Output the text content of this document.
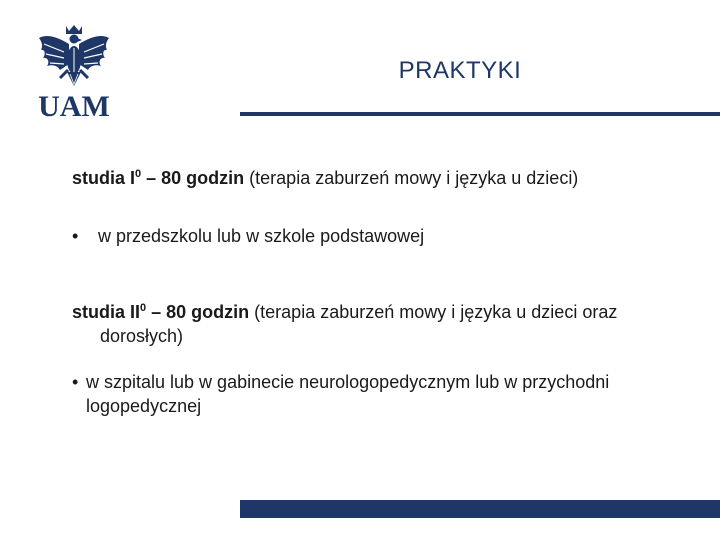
UAM
PRAKTYKI
studia $I^0 - 80$ godzin (terapia zaburzeń mowy i języka u dzieci)
•	w przedszkolu lub w szkole podstawowej
studia $II^0 - 80$ godzin (terapia zaburzeń mowy i języka u dzieci oraz dorosłych)
• w szpitalu lub w gabinecie neurologopedycznym lub w przychodni logopedycznej
